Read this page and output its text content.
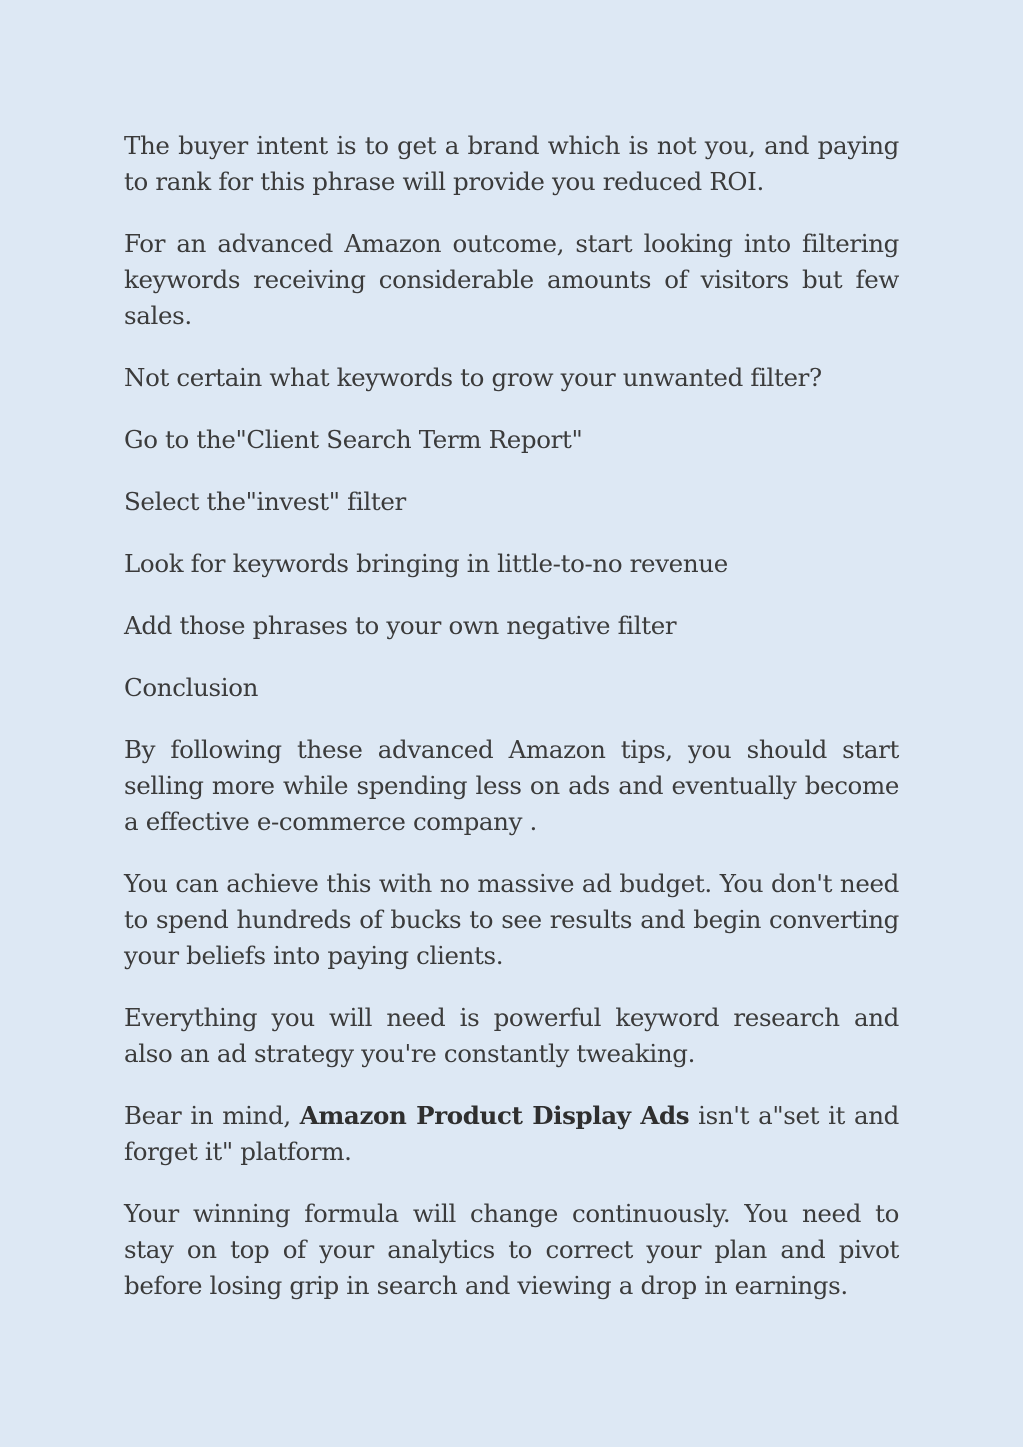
The buyer intent is to get a brand which is not you, and paying to rank for this phrase will provide you reduced ROI.

For an advanced Amazon outcome, start looking into filtering keywords receiving considerable amounts of visitors but few sales.

Not certain what keywords to grow your unwanted filter?

Go to the"Client Search Term Report"

Select the"invest" filter

Look for keywords bringing in little-to-no revenue

Add those phrases to your own negative filter

Conclusion

By following these advanced Amazon tips, you should start selling more while spending less on ads and eventually become a effective e-commerce company .

You can achieve this with no massive ad budget. You don't need to spend hundreds of bucks to see results and begin converting your beliefs into paying clients.

Everything you will need is powerful keyword research and also an ad strategy you're constantly tweaking.

Bear in mind, Amazon Product Display Ads isn't a"set it and forget it" platform.

Your winning formula will change continuously. You need to stay on top of your analytics to correct your plan and pivot before losing grip in search and viewing a drop in earnings.
